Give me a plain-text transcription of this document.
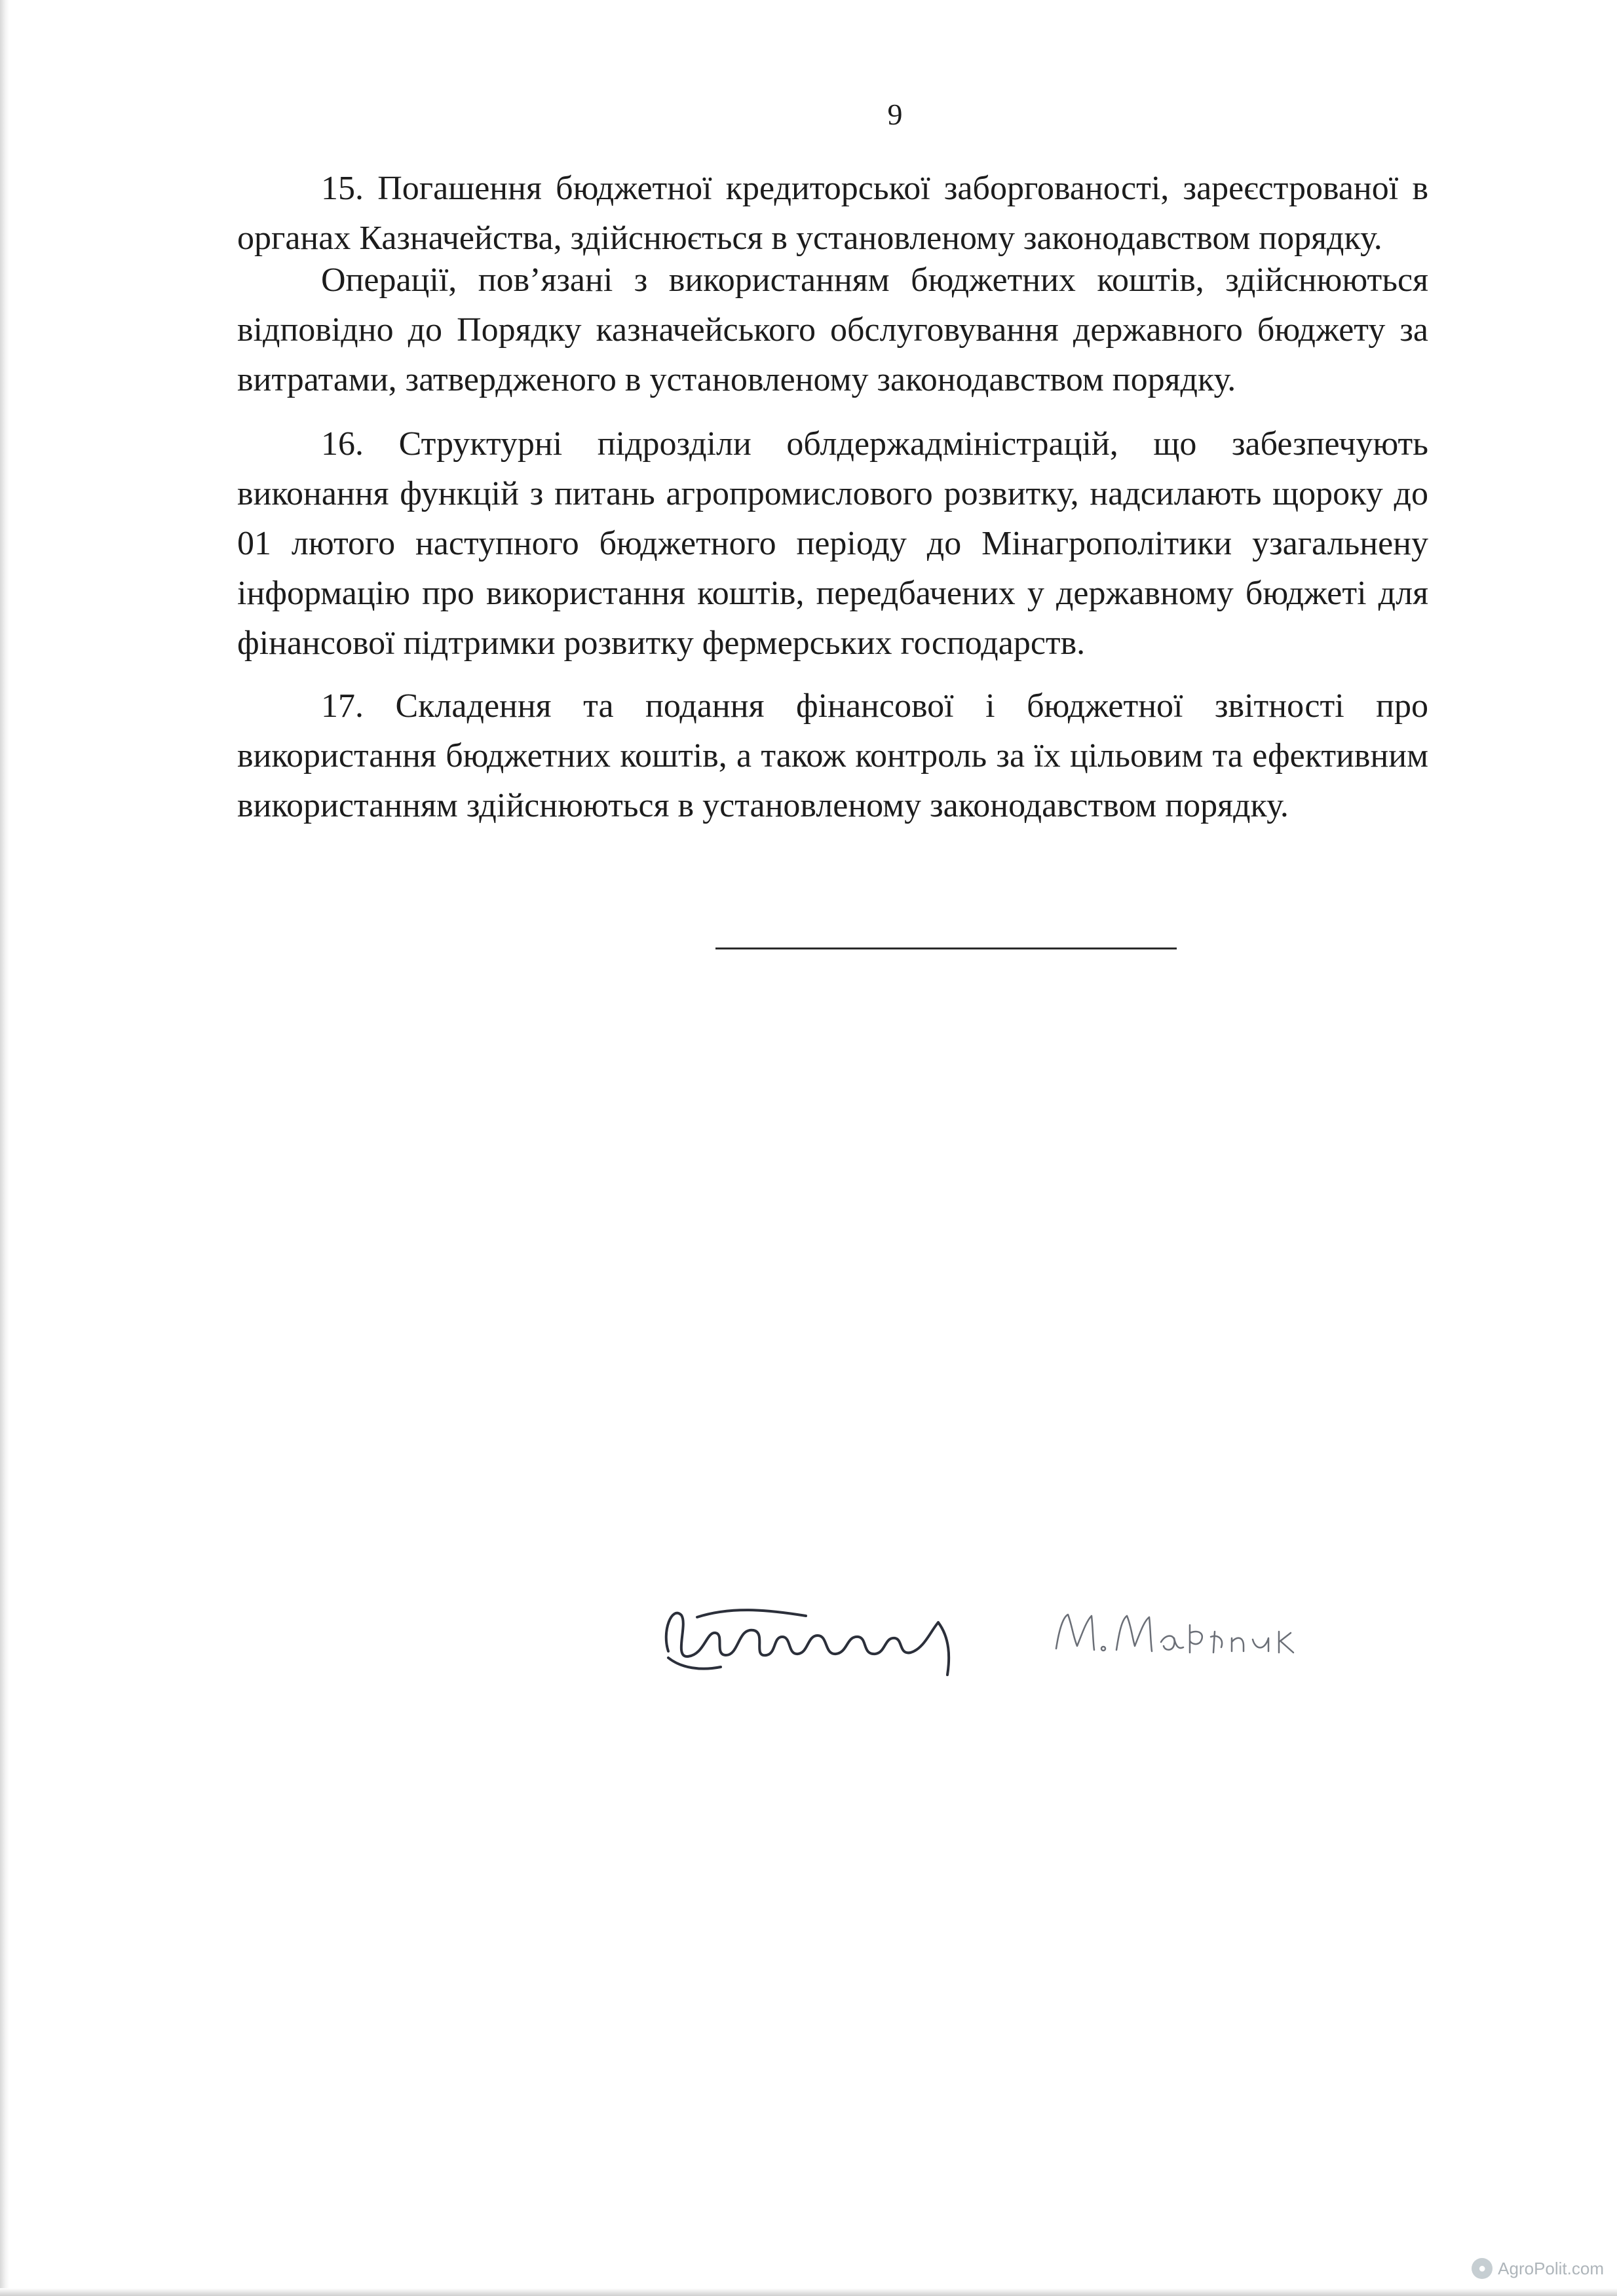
9
15. Погашення бюджетної кредиторської заборгованості, зареєстрованої в органах Казначейства, здійснюється в установленому законодавством порядку.
Операції, пов’язані з використанням бюджетних коштів, здійснюються відповідно до Порядку казначейського обслуговування державного бюджету за витратами, затвердженого в установленому законодавством порядку.
16. Структурні підрозділи облдержадміністрацій, що забезпечують виконання функцій з питань агропромислового розвитку, надсилають щороку до 01 лютого наступного бюджетного періоду до Мінагрополітики узагальнену інформацію про використання коштів, передбачених у державному бюджеті для фінансової підтримки розвитку фермерських господарств.
17. Складення та подання фінансової і бюджетної звітності про використання бюджетних коштів, а також контроль за їх цільовим та ефективним використанням здійснюються в установленому законодавством порядку.
● AgroPolit.com
